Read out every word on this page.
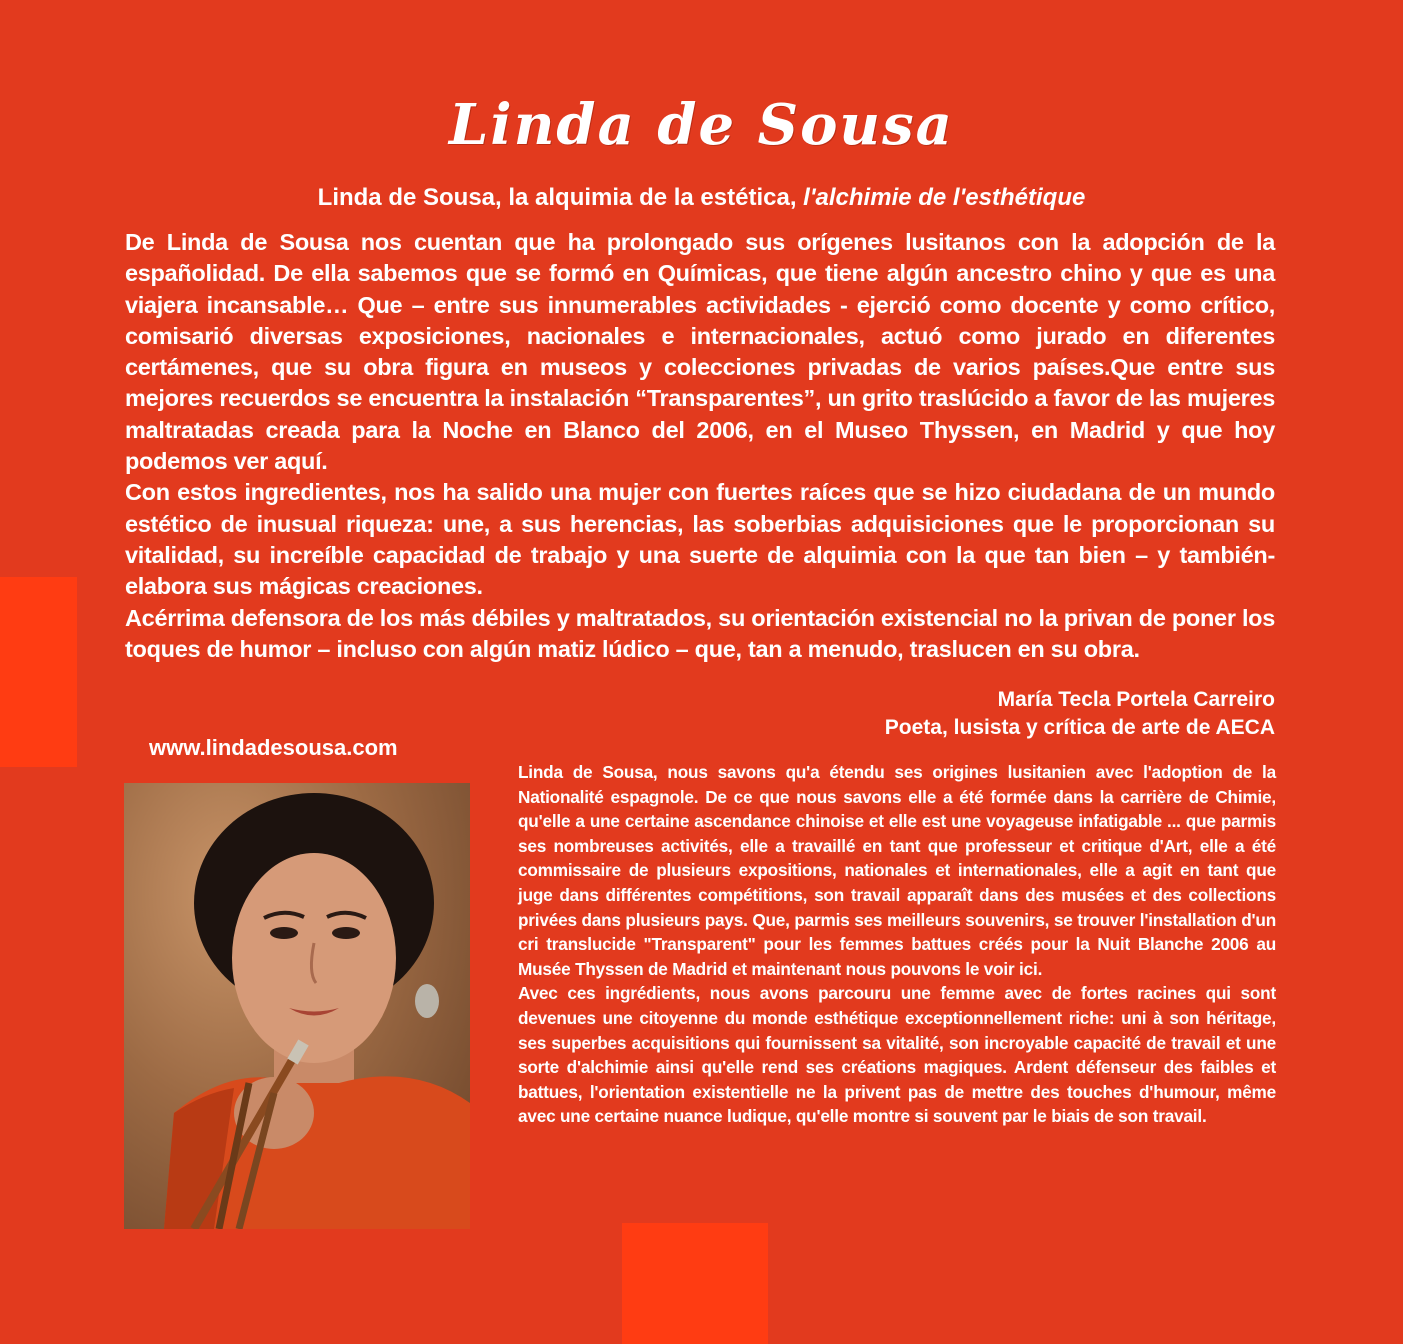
Linda de Sousa
Linda de Sousa, la alquimia de la estética, l'alchimie de l'esthétique

De Linda de Sousa nos cuentan que ha prolongado sus orígenes lusitanos con la adopción de la españolidad. De ella sabemos que se formó en Químicas, que tiene algún ancestro chino y que es una viajera incansable… Que – entre sus innumerables actividades - ejerció como docente y como crítico, comisarió diversas exposiciones, nacionales e internacionales, actuó como jurado en diferentes certámenes, que su obra figura en museos y colecciones privadas de varios países.Que entre sus mejores recuerdos se encuentra la instalación “Transparentes”, un grito traslúcido a favor de las mujeres maltratadas creada para la Noche en Blanco del 2006, en el Museo Thyssen, en Madrid y que hoy podemos ver aquí.

Con estos ingredientes, nos ha salido una mujer con fuertes raíces que se hizo ciudadana de un mundo estético de inusual riqueza: une, a sus herencias, las soberbias adquisiciones que le proporcionan su vitalidad, su increíble capacidad de trabajo y una suerte de alquimia con la que tan bien – y también- elabora sus mágicas creaciones.

Acérrima defensora de los más débiles y maltratados, su orientación existencial no la privan de poner los toques de humor – incluso con algún matiz lúdico – que, tan a menudo, traslucen en su obra.

María Tecla Portela Carreiro
Poeta, lusista y crítica de arte de AECA
www.lindadesousa.com

Linda de Sousa, nous savons qu'a étendu ses origines lusitanien avec l'adoption de la Nationalité espagnole. De ce que nous savons elle a été formée dans la carrière de Chimie, qu'elle a une certaine ascendance chinoise et elle est une voyageuse infatigable ... que parmis ses nombreuses activités, elle a travaillé en tant que professeur et critique d'Art, elle a été commissaire de plusieurs expositions, nationales et internationales, elle a agit en tant que juge dans différentes compétitions, son travail apparaît dans des musées et des collections privées dans plusieurs pays. Que, parmis ses meilleurs souvenirs, se trouver l'installation d'un cri translucide "Transparent" pour les femmes battues créés pour la Nuit Blanche 2006 au Musée Thyssen de Madrid et maintenant nous pouvons le voir ici.

Avec ces ingrédients, nous avons parcouru une femme avec de fortes racines qui sont devenues une citoyenne du monde esthétique exceptionnellement riche: uni à son héritage, ses superbes acquisitions qui fournissent sa vitalité, son incroyable capacité de travail et une sorte d'alchimie ainsi qu'elle rend ses créations magiques. Ardent défenseur des faibles et battues, l'orientation existentielle ne la privent pas de mettre des touches d'humour, même avec une certaine nuance ludique, qu'elle montre si souvent par le biais de son travail.
